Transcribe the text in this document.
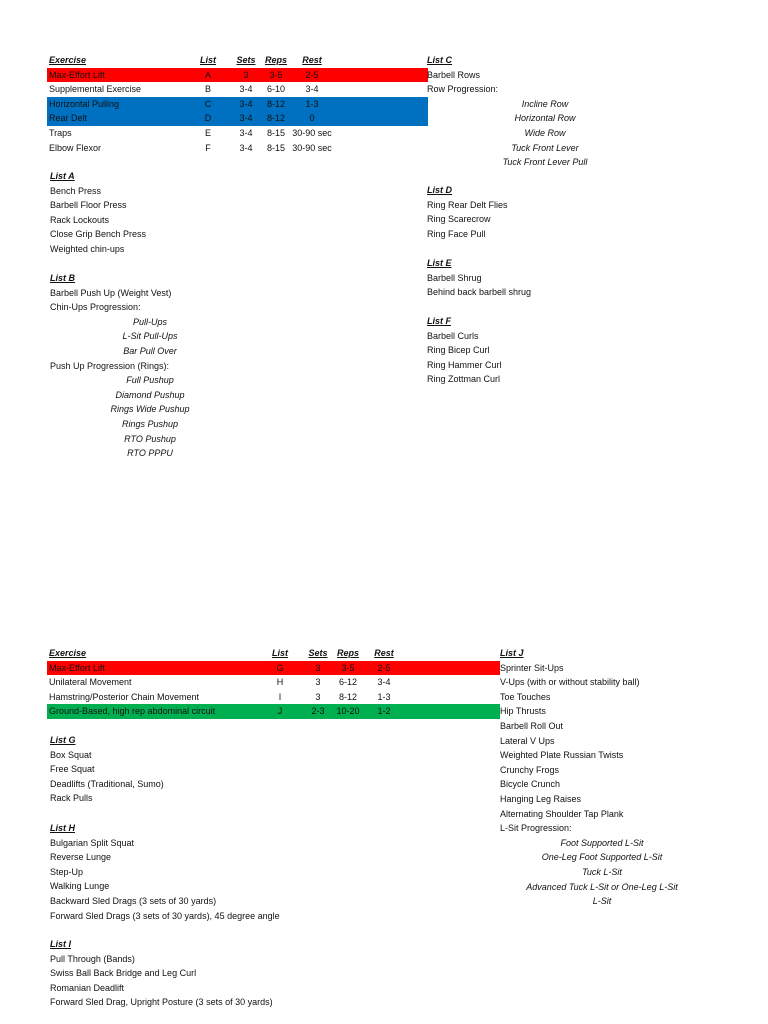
Exercise	List Sets	Reps	Rest
Max-Effort Lift	A	3	3-5	2-5
Supplemental Exercise	B	3-4	6-10	3-4
Horizontal Pulling	C	3-4	8-12	1-3
Rear Delt	D	3-4	8-12	0
Traps	E	3-4	8-15 30-90 sec
Elbow Flexor	F	3-4	8-15 30-90 sec
Exercise	List Sets	Reps	Rest
Max-Effort Lift	G	3	3-5	2-5
Unilateral Movement	H	3	6-12	3-4
Hamstring/Posterior Chain Movement	I	3	8-12	1-3
Ground-Based, high rep abdominal circuit	J	2-3	10-20	1-2
List A
Bench Press
Barbell Floor Press
Rack Lockouts
Close Grip Bench Press
Weighted chin-ups
List B
Barbell Push Up (Weight Vest)
Chin-Ups Progression:
Pull-Ups
L-Sit Pull-Ups
Bar Pull Over
Push Up Progression (Rings):
Full Pushup
Diamond Pushup
Rings Wide Pushup
Rings Pushup
RTO Pushup
RTO PPPU
List C
Barbell Rows
Row Progression:
Incline Row
Horizontal Row
Wide Row
Tuck Front Lever
Tuck Front Lever Pull
List D
Ring Rear Delt Flies
Ring Scarecrow
Ring Face Pull
List E
Barbell Shrug
Behind back barbell shrug
List F
Barbell Curls
Ring Bicep Curl
Ring Hammer Curl
Ring Zottman Curl
List G
Box Squat
Free Squat
Deadlifts (Traditional, Sumo)
Rack Pulls
List H
Bulgarian Split Squat
Reverse Lunge
Step-Up
Walking Lunge
Backward Sled Drags (3 sets of 30 yards)
Forward Sled Drags (3 sets of 30 yards), 45 degree angle
List I
Pull Through (Bands)
Swiss Ball Back Bridge and Leg Curl
Romanian Deadlift
Forward Sled Drag, Upright Posture (3 sets of 30 yards)
List J
Sprinter Sit-Ups
V-Ups (with or without stability ball)
Toe Touches
Hip Thrusts
Barbell Roll Out
Lateral V Ups
Weighted Plate Russian Twists
Crunchy Frogs
Bicycle Crunch
Hanging Leg Raises
Alternating Shoulder Tap Plank
L-Sit Progression:
Foot Supported L-Sit
One-Leg Foot Supported L-Sit
Tuck L-Sit
Advanced Tuck L-Sit or One-Leg L-Sit
L-Sit
